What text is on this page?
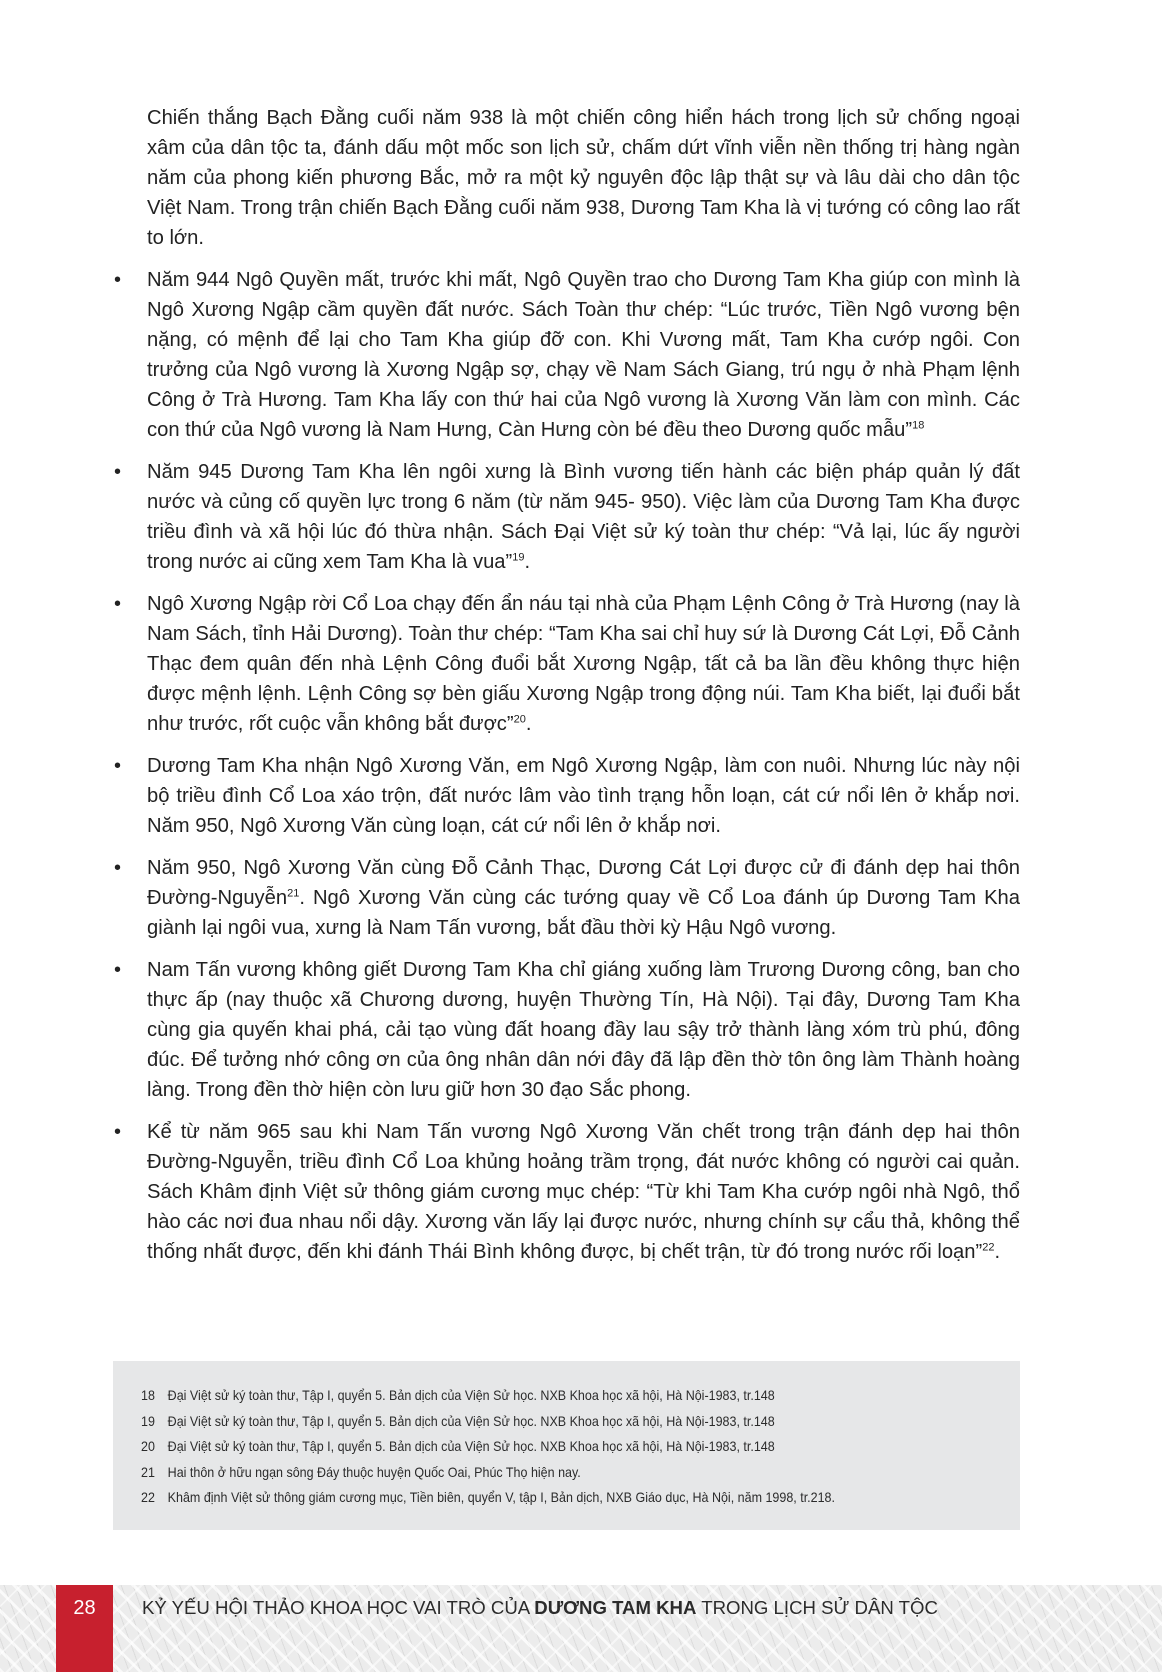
Chiến thắng Bạch Đằng cuối năm 938 là một chiến công hiển hách trong lịch sử chống ngoại xâm của dân tộc ta, đánh dấu một mốc son lịch sử, chấm dứt vĩnh viễn nền thống trị hàng ngàn năm của phong kiến phương Bắc, mở ra một kỷ nguyên độc lập thật sự và lâu dài cho dân tộc Việt Nam. Trong trận chiến Bạch Đằng cuối năm 938, Dương Tam Kha là vị tướng có công lao rất to lớn.

• Năm 944 Ngô Quyền mất, trước khi mất, Ngô Quyền trao cho Dương Tam Kha giúp con mình là Ngô Xương Ngập cầm quyền đất nước. Sách Toàn thư chép: “Lúc trước, Tiền Ngô vương bện nặng, có mệnh để lại cho Tam Kha giúp đỡ con. Khi Vương mất, Tam Kha cướp ngôi. Con trưởng của Ngô vương là Xương Ngập sợ, chạy về Nam Sách Giang, trú ngụ ở nhà Phạm lệnh Công ở Trà Hương. Tam Kha lấy con thứ hai của Ngô vương là Xương Văn làm con mình. Các con thứ của Ngô vương là Nam Hưng, Càn Hưng còn bé đều theo Dương quốc mẫu”$^{18}$
• Năm 945 Dương Tam Kha lên ngôi xưng là Bình vương tiến hành các biện pháp quản lý đất nước và củng cố quyền lực trong 6 năm (từ năm 945- 950). Việc làm của Dương Tam Kha được triều đình và xã hội lúc đó thừa nhận. Sách Đại Việt sử ký toàn thư chép: “Vả lại, lúc ấy người trong nước ai cũng xem Tam Kha là vua”$^{19}$.
• Ngô Xương Ngập rời Cổ Loa chạy đến ẩn náu tại nhà của Phạm Lệnh Công ở Trà Hương (nay là Nam Sách, tỉnh Hải Dương). Toàn thư chép: “Tam Kha sai chỉ huy sứ là Dương Cát Lợi, Đỗ Cảnh Thạc đem quân đến nhà Lệnh Công đuổi bắt Xương Ngập, tất cả ba lần đều không thực hiện được mệnh lệnh. Lệnh Công sợ bèn giấu Xương Ngập trong động núi. Tam Kha biết, lại đuổi bắt như trước, rốt cuộc vẫn không bắt được”$^{20}$.
• Dương Tam Kha nhận Ngô Xương Văn, em Ngô Xương Ngập, làm con nuôi. Nhưng lúc này nội bộ triều đình Cổ Loa xáo trộn, đất nước lâm vào tình trạng hỗn loạn, cát cứ nổi lên ở khắp nơi. Năm 950, Ngô Xương Văn cùng loạn, cát cứ nổi lên ở khắp nơi.
• Năm 950, Ngô Xương Văn cùng Đỗ Cảnh Thạc, Dương Cát Lợi được cử đi đánh dẹp hai thôn Đường-Nguyễn$^{21}$. Ngô Xương Văn cùng các tướng quay về Cổ Loa đánh úp Dương Tam Kha giành lại ngôi vua, xưng là Nam Tấn vương, bắt đầu thời kỳ Hậu Ngô vương.
• Nam Tấn vương không giết Dương Tam Kha chỉ giáng xuống làm Trương Dương công, ban cho thực ấp (nay thuộc xã Chương dương, huyện Thường Tín, Hà Nội). Tại đây, Dương Tam Kha cùng gia quyến khai phá, cải tạo vùng đất hoang đầy lau sậy trở thành làng xóm trù phú, đông đúc. Để tưởng nhớ công ơn của ông nhân dân nới đây đã lập đền thờ tôn ông làm Thành hoàng làng. Trong đền thờ hiện còn lưu giữ hơn 30 đạo Sắc phong.
• Kể từ năm 965 sau khi Nam Tấn vương Ngô Xương Văn chết trong trận đánh dẹp hai thôn Đường-Nguyễn, triều đình Cổ Loa khủng hoảng trầm trọng, đát nước không có người cai quản. Sách Khâm định Việt sử thông giám cương mục chép: “Từ khi Tam Kha cướp ngôi nhà Ngô, thổ hào các nơi đua nhau nổi dậy. Xương văn lấy lại được nước, nhưng chính sự cẩu thả, không thể thống nhất được, đến khi đánh Thái Bình không được, bị chết trận, từ đó trong nước rối loạn”$^{22}$.
18 Đại Việt sử ký toàn thư, Tập I, quyển 5. Bản dịch của Viện Sử học. NXB Khoa học xã hội, Hà Nội-1983, tr.148
19 Đại Việt sử ký toàn thư, Tập I, quyển 5. Bản dịch của Viện Sử học. NXB Khoa học xã hội, Hà Nội-1983, tr.148
20 Đại Việt sử ký toàn thư, Tập I, quyển 5. Bản dịch của Viện Sử học. NXB Khoa học xã hội, Hà Nội-1983, tr.148
21 Hai thôn ở hữu ngạn sông Đáy thuộc huyện Quốc Oai, Phúc Thọ hiện nay.
22 Khâm định Việt sử thông giám cương mục, Tiền biên, quyển V, tập I, Bản dịch, NXB Giáo dục, Hà Nội, năm 1998, tr.218.
28	KỶ YẾU HỘI THẢO KHOA HỌC VAI TRÒ CỦA DƯƠNG TAM KHA TRONG LỊCH SỬ DÂN TỘC
